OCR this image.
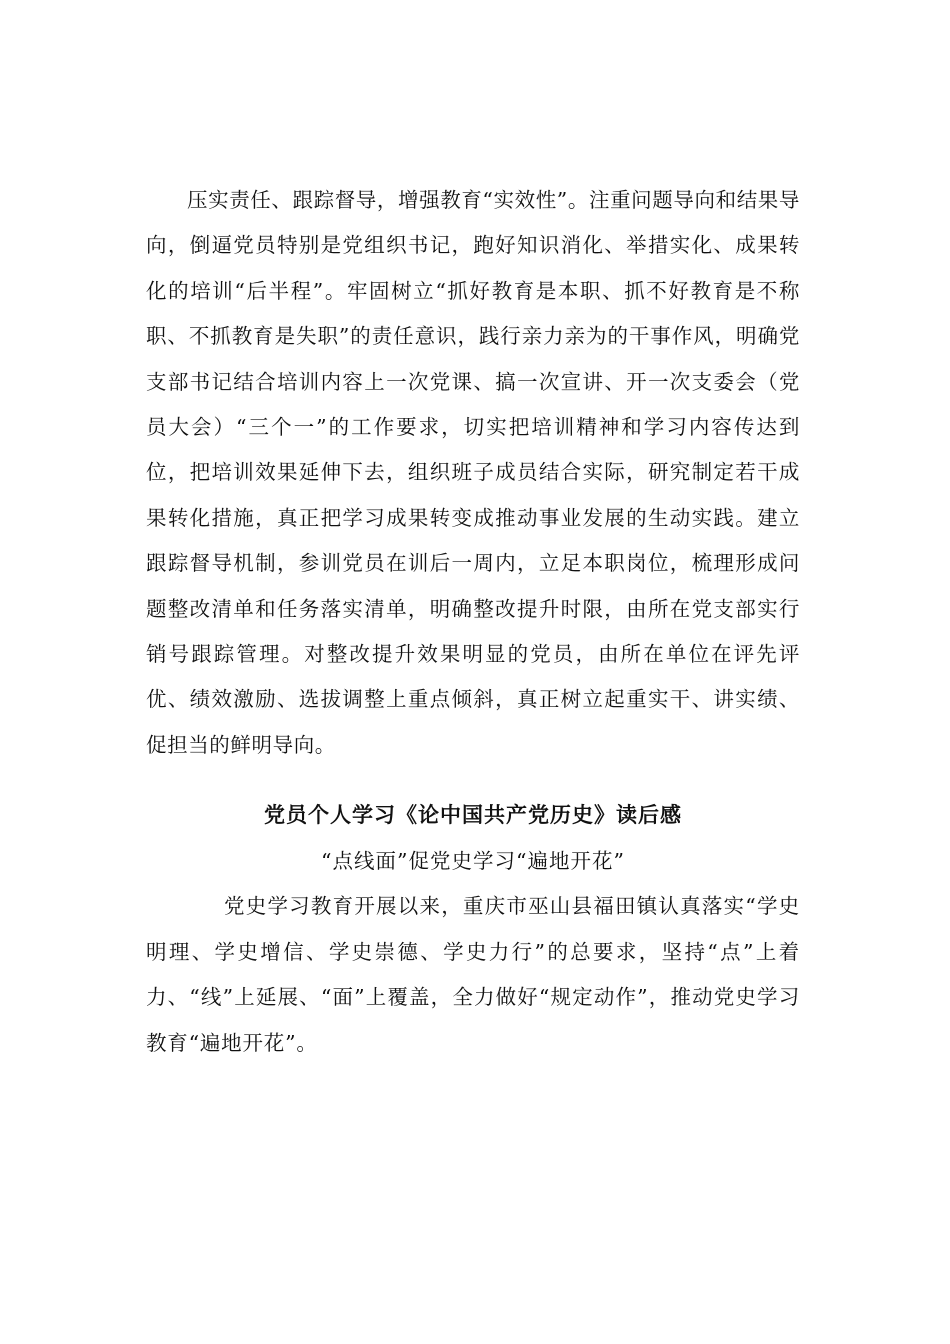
压实责任、跟踪督导，增强教育“实效性”。注重问题导向和结果导向，倒逼党员特别是党组织书记，跑好知识消化、举措实化、成果转化的培训“后半程”。牢固树立“抓好教育是本职、抓不好教育是不称职、不抓教育是失职”的责任意识，践行亲力亲为的干事作风，明确党支部书记结合培训内容上一次党课、搞一次宣讲、开一次支委会（党员大会）“三个一”的工作要求，切实把培训精神和学习内容传达到位，把培训效果延伸下去，组织班子成员结合实际，研究制定若干成果转化措施，真正把学习成果转变成推动事业发展的生动实践。建立跟踪督导机制，参训党员在训后一周内，立足本职岗位，梳理形成问题整改清单和任务落实清单，明确整改提升时限，由所在党支部实行销号跟踪管理。对整改提升效果明显的党员，由所在单位在评先评优、绩效激励、选拔调整上重点倾斜，真正树立起重实干、讲实绩、促担当的鲜明导向。

党员个人学习《论中国共产党历史》读后感

“点线面”促党史学习“遍地开花”

党史学习教育开展以来，重庆市巫山县福田镇认真落实“学史明理、学史增信、学史崇德、学史力行”的总要求，坚持“点”上着力、“线”上延展、“面”上覆盖，全力做好“规定动作”，推动党史学习教育“遍地开花”。
